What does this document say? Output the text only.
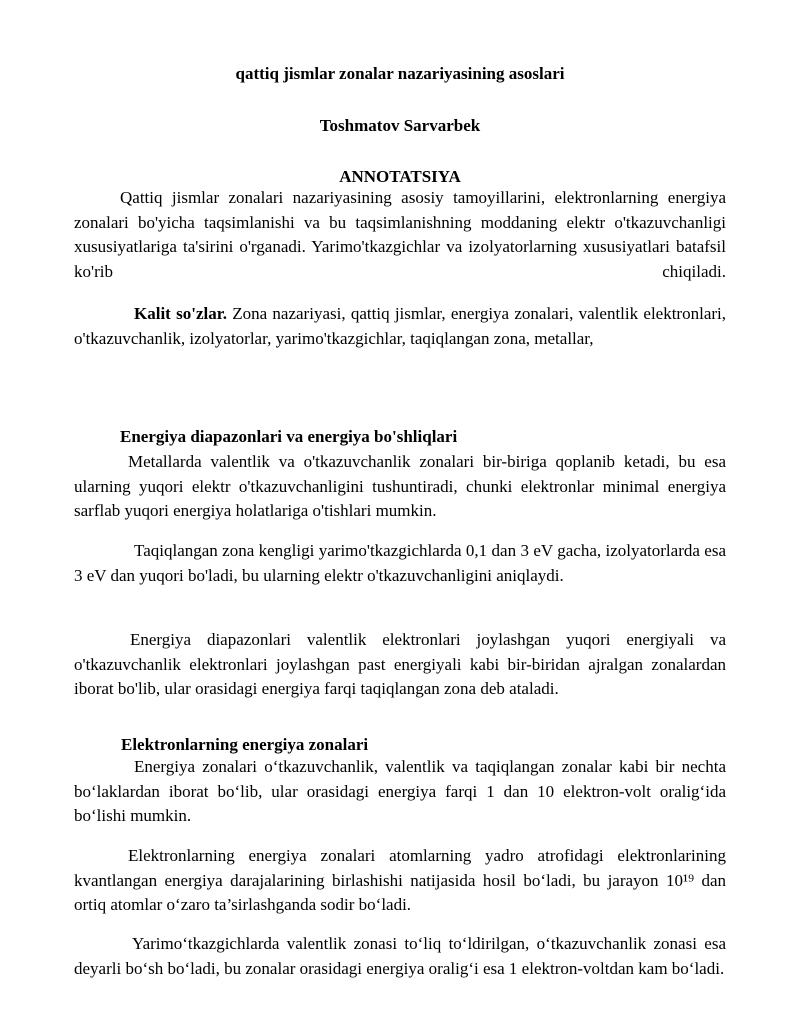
qattiq jismlar zonalar nazariyasining asoslari

Toshmatov Sarvarbek

ANNOTATSIYA

Qattiq jismlar zonalari nazariyasining asosiy tamoyillarini, elektronlarning energiya zonalari bo'yicha taqsimlanishi va bu taqsimlanishning moddaning elektr o'tkazuvchanligi xususiyatlariga ta'sirini o'rganadi. Yarimo'tkazgichlar va izolyatorlarning xususiyatlari batafsil ko'rib chiqiladi.

Kalit so'zlar. Zona nazariyasi, qattiq jismlar, energiya zonalari, valentlik elektronlari, o'tkazuvchanlik, izolyatorlar, yarimo'tkazgichlar, taqiqlangan zona, metallar,

Energiya diapazonlari va energiya bo'shliqlari

Metallarda valentlik va o'tkazuvchanlik zonalari bir-biriga qoplanib ketadi, bu esa ularning yuqori elektr o'tkazuvchanligini tushuntiradi, chunki elektronlar minimal energiya sarflab yuqori energiya holatlariga o'tishlari mumkin.

Taqiqlangan zona kengligi yarimo'tkazgichlarda 0,1 dan 3 eV gacha, izolyatorlarda esa 3 eV dan yuqori bo'ladi, bu ularning elektr o'tkazuvchanligini aniqlaydi.

Energiya diapazonlari valentlik elektronlari joylashgan yuqori energiyali va o'tkazuvchanlik elektronlari joylashgan past energiyali kabi bir-biridan ajralgan zonalardan iborat bo'lib, ular orasidagi energiya farqi taqiqlangan zona deb ataladi.

Elektronlarning energiya zonalari

Energiya zonalari o‘tkazuvchanlik, valentlik va taqiqlangan zonalar kabi bir nechta bo‘laklardan iborat bo‘lib, ular orasidagi energiya farqi 1 dan 10 elektron-volt oralig‘ida bo‘lishi mumkin.

Elektronlarning energiya zonalari atomlarning yadro atrofidagi elektronlarining kvantlangan energiya darajalarining birlashishi natijasida hosil bo‘ladi, bu jarayon 10¹⁹ dan ortiq atomlar o‘zaro ta’sirlashganda sodir bo‘ladi.

Yarimo‘tkazgichlarda valentlik zonasi to‘liq to‘ldirilgan, o‘tkazuvchanlik zonasi esa deyarli bo‘sh bo‘ladi, bu zonalar orasidagi energiya oralig‘i esa 1 elektron-voltdan kam bo‘ladi.
